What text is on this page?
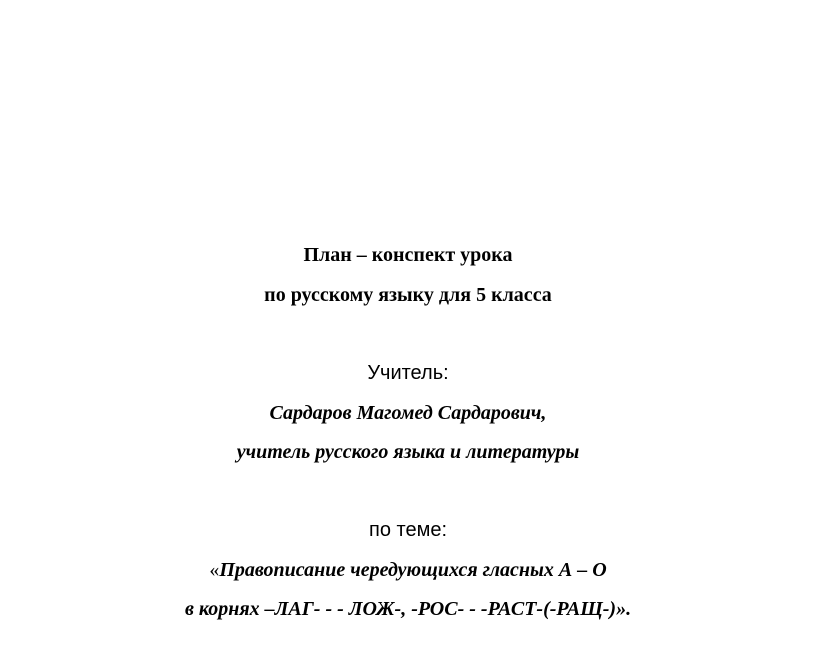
План – конспект урока
по русскому языку для 5 класса
Учитель:
Сардаров Магомед Сардарович,
учитель русского языка и литературы
по теме:
«Правописание чередующихся гласных А – О
в корнях –ЛАГ- - - ЛОЖ-, -РОС- - -РАСТ-(-РАЩ-)».
